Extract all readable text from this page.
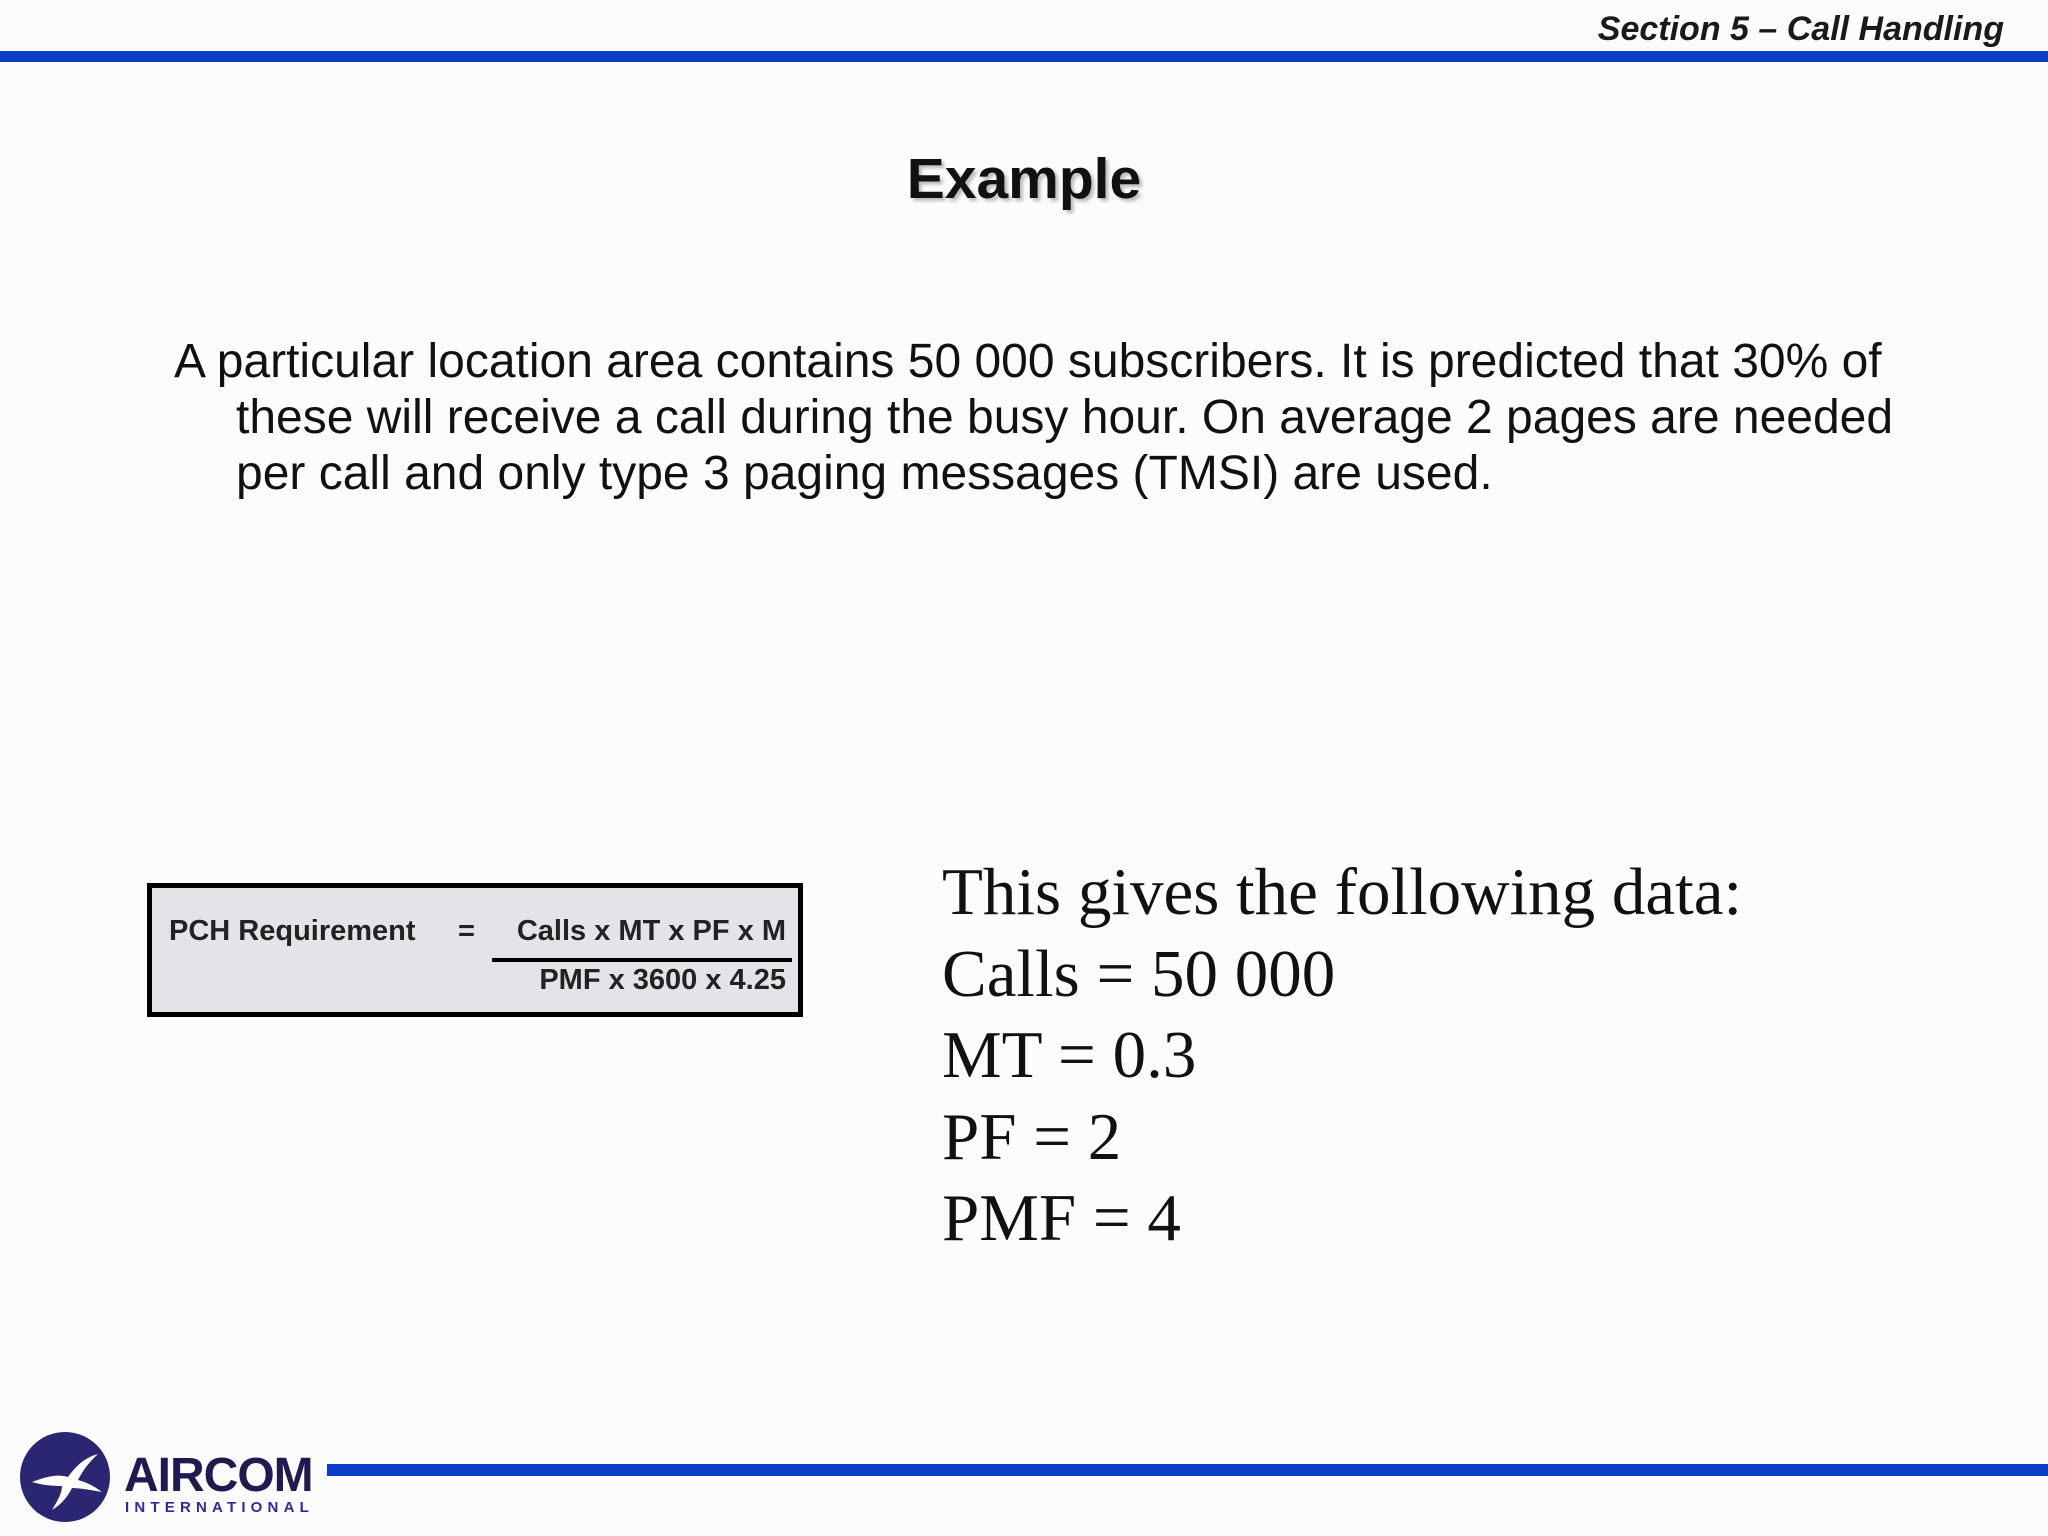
Section 5 – Call Handling
Example

A particular location area contains 50 000 subscribers. It is predicted that 30% of these will receive a call during the busy hour. On average 2 pages are needed per call and only type 3 paging messages (TMSI) are used.

PCH Requirement = Calls x MT x PF x M
PMF x 3600 x 4.25
This gives the following data:
Calls = 50 000
MT = 0.3
PF = 2
PMF = 4
AIRCOM
INTERNATIONAL
